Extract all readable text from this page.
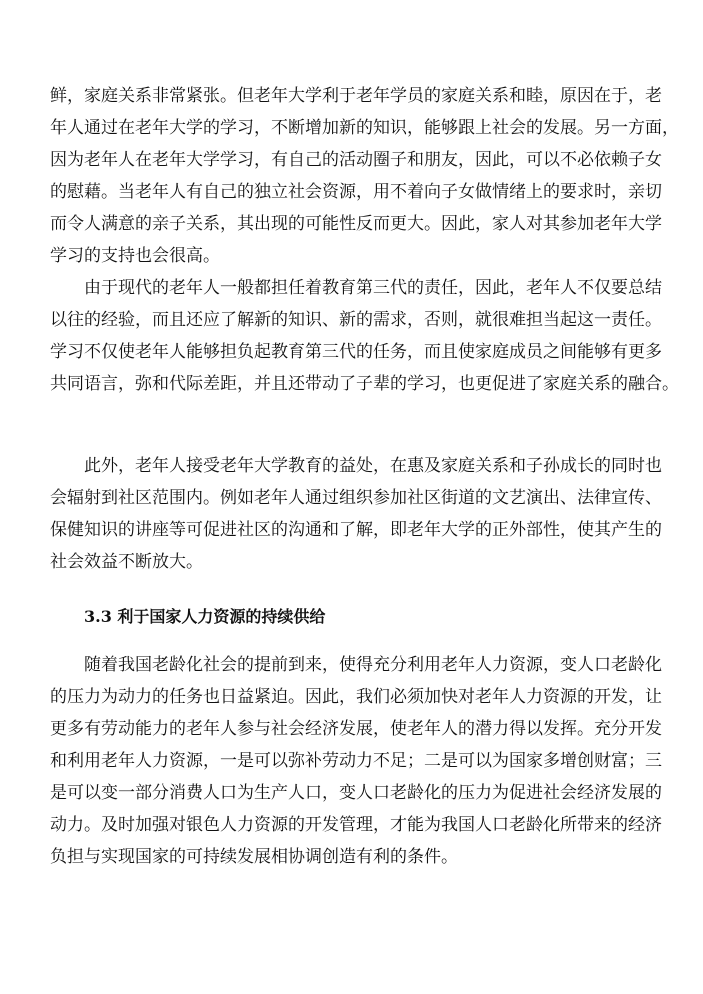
鲜，家庭关系非常紧张。但老年大学利于老年学员的家庭关系和睦，原因在于，老
年人通过在老年大学的学习，不断增加新的知识，能够跟上社会的发展。另一方面，
因为老年人在老年大学学习，有自己的活动圈子和朋友，因此，可以不必依赖子女
的慰藉。当老年人有自己的独立社会资源，用不着向子女做情绪上的要求时，亲切
而令人满意的亲子关系，其出现的可能性反而更大。因此，家人对其参加老年大学
学习的支持也会很高。
由于现代的老年人一般都担任着教育第三代的责任，因此，老年人不仅要总结
以往的经验，而且还应了解新的知识、新的需求，否则，就很难担当起这一责任。
学习不仅使老年人能够担负起教育第三代的任务，而且使家庭成员之间能够有更多
共同语言，弥和代际差距，并且还带动了子辈的学习，也更促进了家庭关系的融合。
此外，老年人接受老年大学教育的益处，在惠及家庭关系和子孙成长的同时也
会辐射到社区范围内。例如老年人通过组织参加社区街道的文艺演出、法律宣传、
保健知识的讲座等可促进社区的沟通和了解，即老年大学的正外部性，使其产生的
社会效益不断放大。
3.3 利于国家人力资源的持续供给
随着我国老龄化社会的提前到来，使得充分利用老年人力资源，变人口老龄化
的压力为动力的任务也日益紧迫。因此，我们必须加快对老年人力资源的开发，让
更多有劳动能力的老年人参与社会经济发展，使老年人的潜力得以发挥。充分开发
和利用老年人力资源，一是可以弥补劳动力不足；二是可以为国家多增创财富；三
是可以变一部分消费人口为生产人口，变人口老龄化的压力为促进社会经济发展的
动力。及时加强对银色人力资源的开发管理，才能为我国人口老龄化所带来的经济
负担与实现国家的可持续发展相协调创造有利的条件。
